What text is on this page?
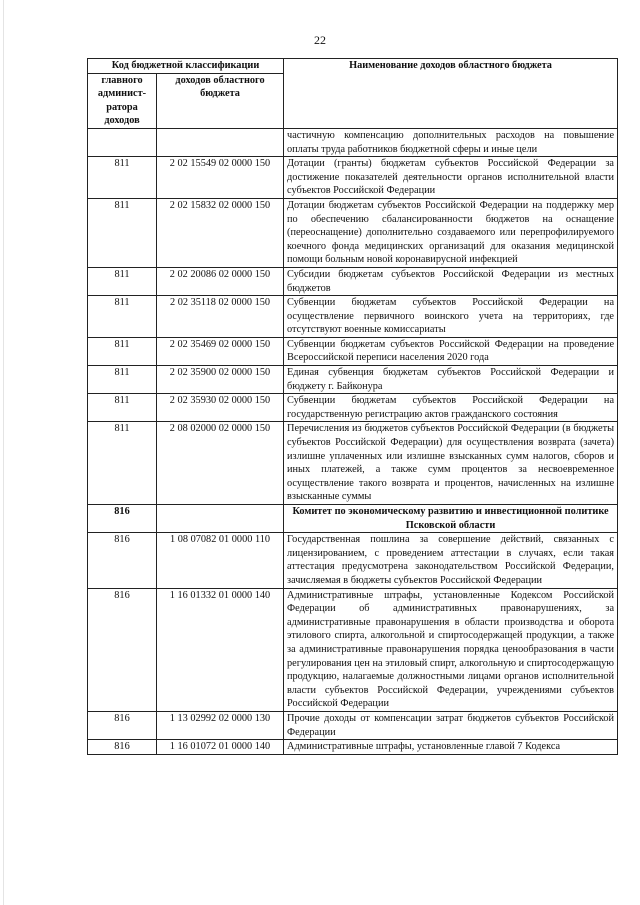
22
Код бюджетной классификации		Наименование доходов областного бюджета
главного админист-ратора доходов	доходов областного бюджета	
		частичную компенсацию дополнительных расходов на повышение оплаты труда работников бюджетной сферы и иные цели
811	2 02 15549 02 0000 150	Дотации (гранты) бюджетам субъектов Российской Федерации за достижение показателей деятельности органов исполнительной власти субъектов Российской Федерации
811	2 02 15832 02 0000 150	Дотации бюджетам субъектов Российской Федерации на поддержку мер по обеспечению сбалансированности бюджетов на оснащение (переоснащение) дополнительно создаваемого или перепрофилируемого коечного фонда медицинских организаций для оказания медицинской помощи больным новой коронавирусной инфекцией
811	2 02 20086 02 0000 150	Субсидии бюджетам субъектов Российской Федерации из местных бюджетов
811	2 02 35118 02 0000 150	Субвенции бюджетам субъектов Российской Федерации на осуществление первичного воинского учета на территориях, где отсутствуют военные комиссариаты
811	2 02 35469 02 0000 150	Субвенции бюджетам субъектов Российской Федерации на проведение Всероссийской переписи населения 2020 года
811	2 02 35900 02 0000 150	Единая субвенция бюджетам субъектов Российской Федерации и бюджету г. Байконура
811	2 02 35930 02 0000 150	Субвенции бюджетам субъектов Российской Федерации на государственную регистрацию актов гражданского состояния
811	2 08 02000 02 0000 150	Перечисления из бюджетов субъектов Российской Федерации (в бюджеты субъектов Российской Федерации) для осуществления возврата (зачета) излишне уплаченных или излишне взысканных сумм налогов, сборов и иных платежей, а также сумм процентов за несвоевременное осуществление такого возврата и процентов, начисленных на излишне взысканные суммы
816		Комитет по экономическому развитию и инвестиционной политике Псковской области
816	1 08 07082 01 0000 110	Государственная пошлина за совершение действий, связанных с лицензированием, с проведением аттестации в случаях, если такая аттестация предусмотрена законодательством Российской Федерации, зачисляемая в бюджеты субъектов Российской Федерации
816	1 16 01332 01 0000 140	Административные штрафы, установленные Кодексом Российской Федерации об административных правонарушениях, за административные правонарушения в области производства и оборота этилового спирта, алкогольной и спиртосодержащей продукции, а также за административные правонарушения порядка ценообразования в части регулирования цен на этиловый спирт, алкогольную и спиртосодержащую продукцию, налагаемые должностными лицами органов исполнительной власти субъектов Российской Федерации, учреждениями субъектов Российской Федерации
816	1 13 02992 02 0000 130	Прочие доходы от компенсации затрат бюджетов субъектов Российской Федерации
816	1 16 01072 01 0000 140	Административные штрафы, установленные главой 7 Кодекса
